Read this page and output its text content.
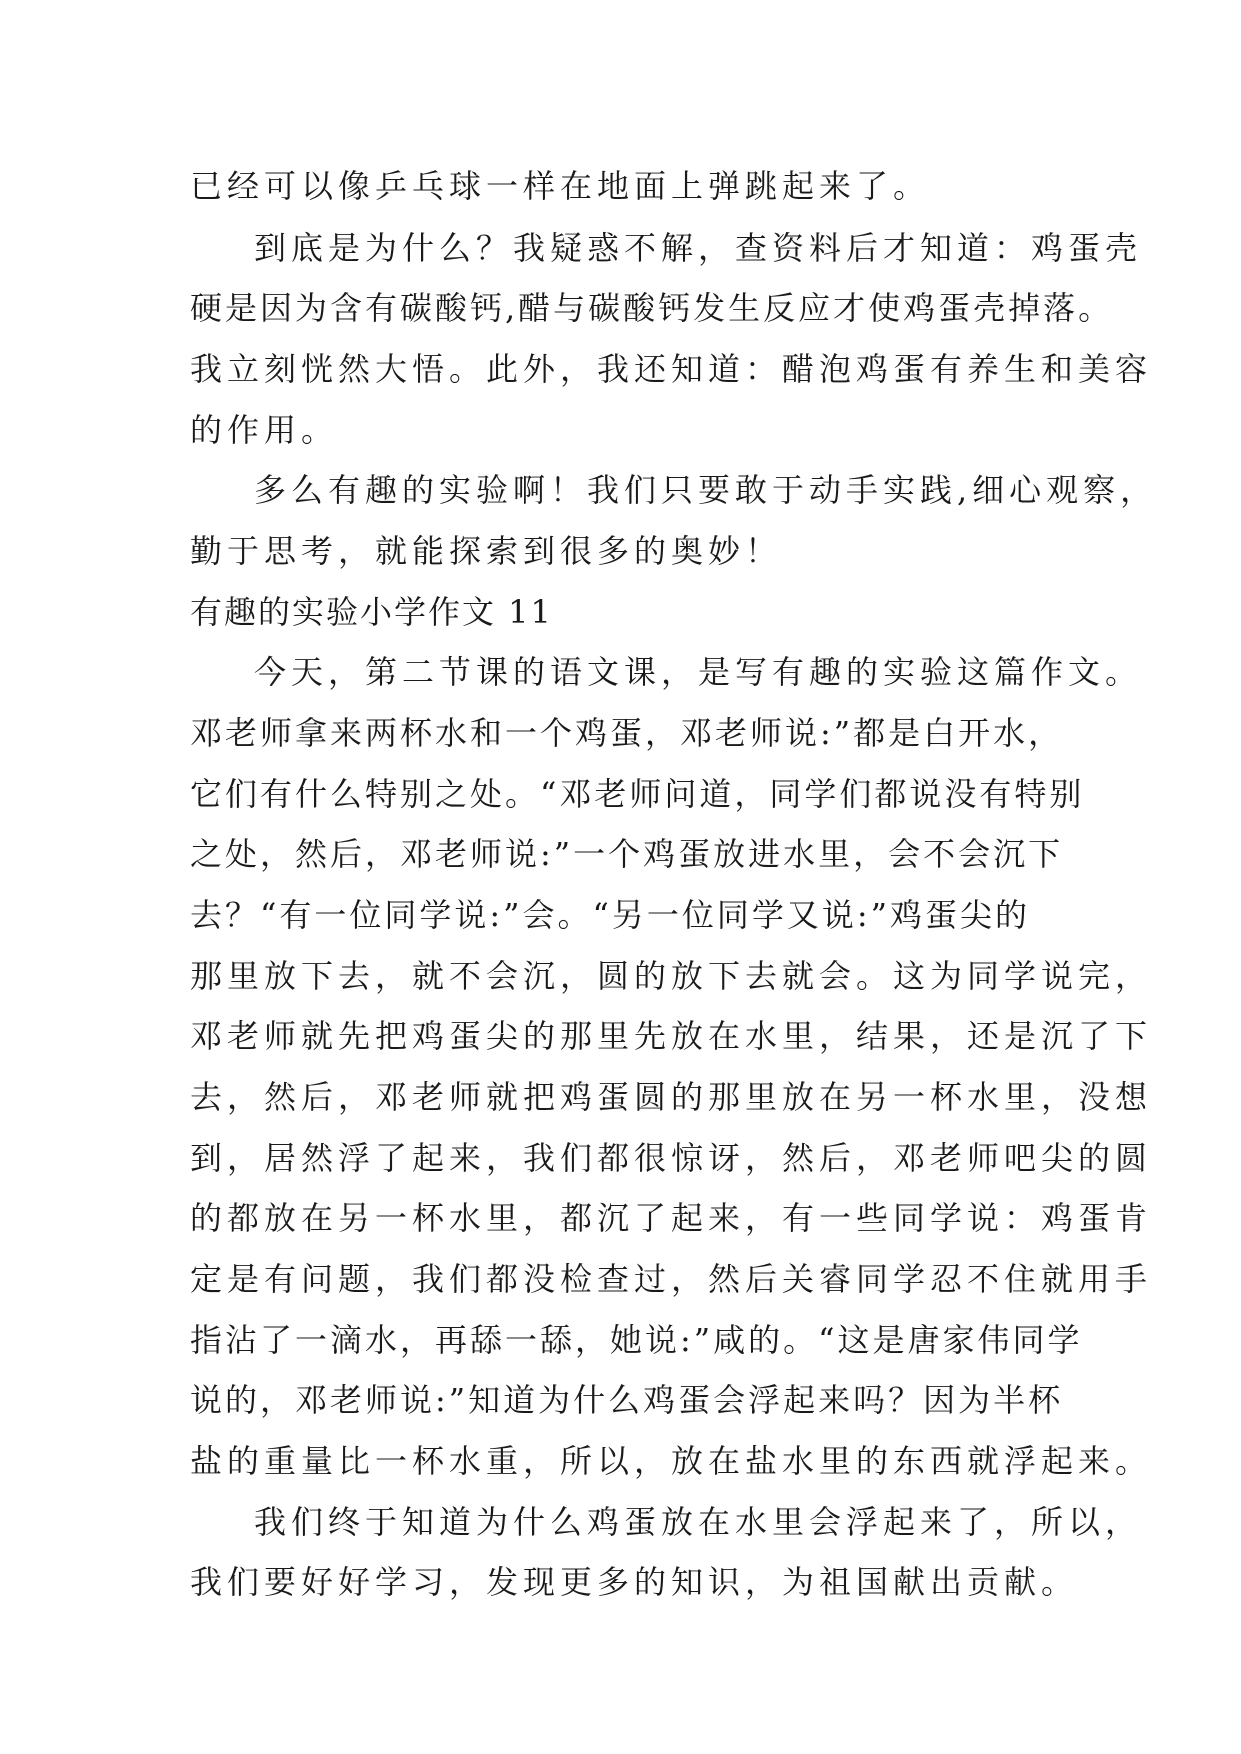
已经可以像乒乓球一样在地面上弹跳起来了。
到底是为什么？我疑惑不解，查资料后才知道：鸡蛋壳
硬是因为含有碳酸钙,醋与碳酸钙发生反应才使鸡蛋壳掉落。
我立刻恍然大悟。此外，我还知道：醋泡鸡蛋有养生和美容
的作用。
多么有趣的实验啊！我们只要敢于动手实践,细心观察，
勤于思考，就能探索到很多的奥妙！
有趣的实验小学作文 11
今天，第二节课的语文课，是写有趣的实验这篇作文。
邓老师拿来两杯水和一个鸡蛋，邓老师说:”都是白开水，
它们有什么特别之处。“邓老师问道，同学们都说没有特别
之处，然后，邓老师说:”一个鸡蛋放进水里，会不会沉下
去？“有一位同学说:”会。“另一位同学又说:”鸡蛋尖的
那里放下去，就不会沉，圆的放下去就会。这为同学说完，
邓老师就先把鸡蛋尖的那里先放在水里，结果，还是沉了下
去，然后，邓老师就把鸡蛋圆的那里放在另一杯水里，没想
到，居然浮了起来，我们都很惊讶，然后，邓老师吧尖的圆
的都放在另一杯水里，都沉了起来，有一些同学说：鸡蛋肯
定是有问题，我们都没检查过，然后关睿同学忍不住就用手
指沾了一滴水，再舔一舔，她说:”咸的。“这是唐家伟同学
说的，邓老师说:”知道为什么鸡蛋会浮起来吗？因为半杯
盐的重量比一杯水重，所以，放在盐水里的东西就浮起来。
我们终于知道为什么鸡蛋放在水里会浮起来了，所以，
我们要好好学习，发现更多的知识，为祖国献出贡献。
